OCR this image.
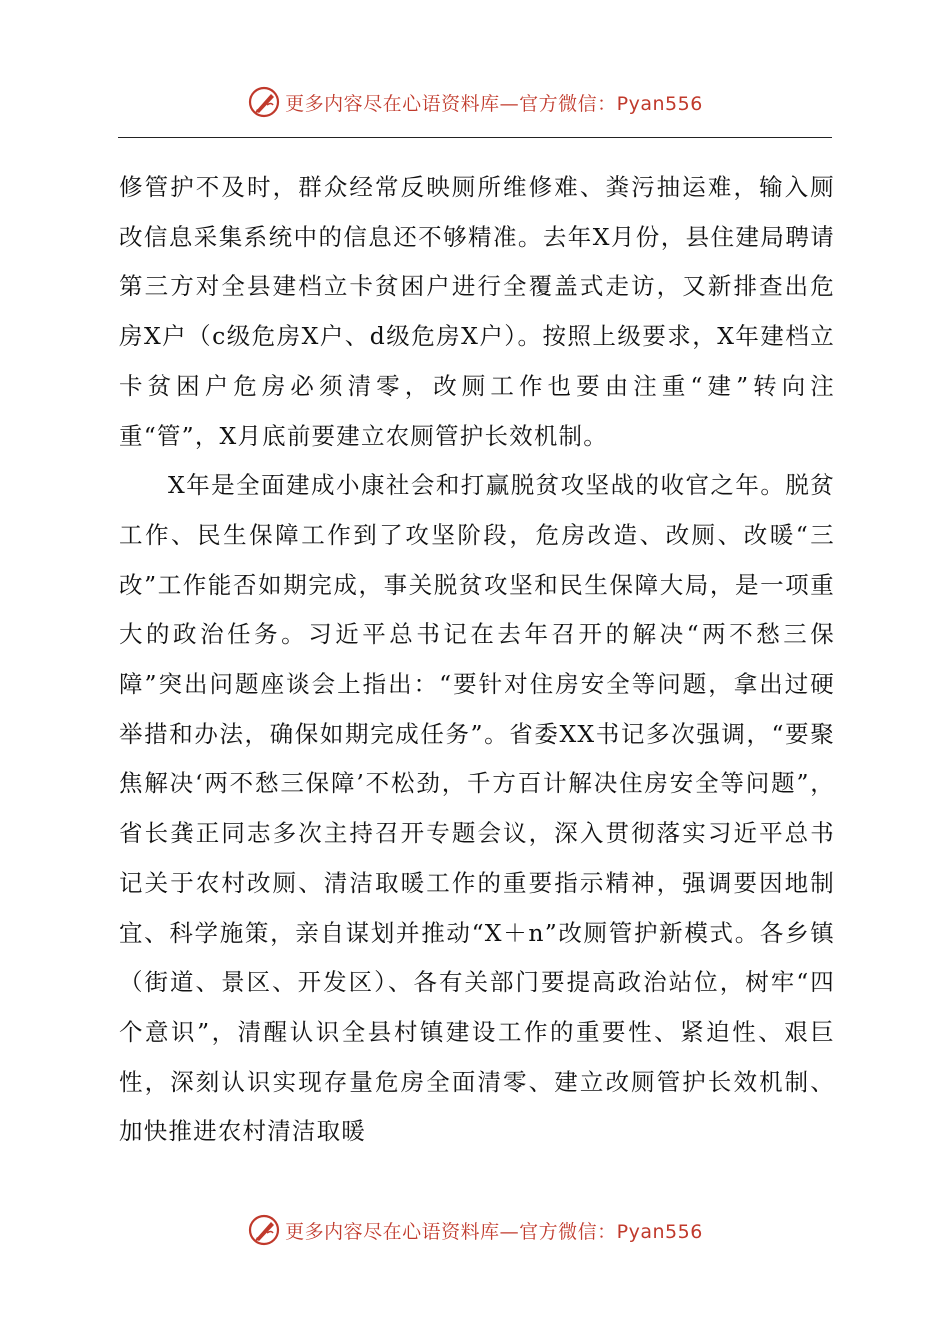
更多内容尽在心语资料库—官方微信：Pyan556

修管护不及时，群众经常反映厕所维修难、粪污抽运难，输入厕改信息采集系统中的信息还不够精准。去年X月份，县住建局聘请第三方对全县建档立卡贫困户进行全覆盖式走访，又新排查出危房X户（c级危房X户、d级危房X户）。按照上级要求，X年建档立卡贫困户危房必须清零，改厕工作也要由注重“建”转向注重“管”，X月底前要建立农厕管护长效机制。

X年是全面建成小康社会和打赢脱贫攻坚战的收官之年。脱贫工作、民生保障工作到了攻坚阶段，危房改造、改厕、改暖“三改”工作能否如期完成，事关脱贫攻坚和民生保障大局，是一项重大的政治任务。习近平总书记在去年召开的解决“两不愁三保障”突出问题座谈会上指出：“要针对住房安全等问题，拿出过硬举措和办法，确保如期完成任务”。省委XX书记多次强调，“要聚焦解决‘两不愁三保障’不松劲，千方百计解决住房安全等问题”，省长龚正同志多次主持召开专题会议，深入贯彻落实习近平总书记关于农村改厕、清洁取暖工作的重要指示精神，强调要因地制宜、科学施策，亲自谋划并推动“X＋n”改厕管护新模式。各乡镇（街道、景区、开发区）、各有关部门要提高政治站位，树牢“四个意识”，清醒认识全县村镇建设工作的重要性、紧迫性、艰巨性，深刻认识实现存量危房全面清零、建立改厕管护长效机制、加快推进农村清洁取暖

更多内容尽在心语资料库—官方微信：Pyan556
